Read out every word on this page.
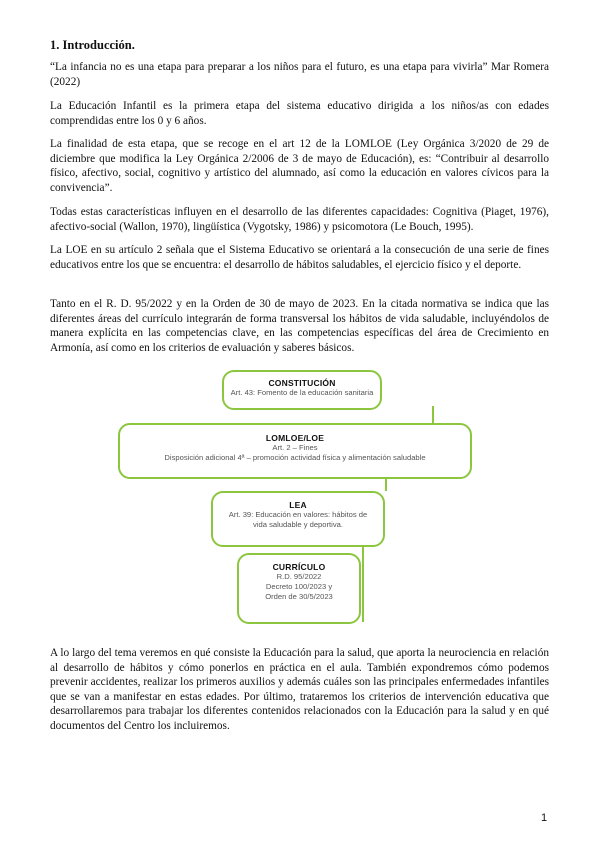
1. Introducción.

“La infancia no es una etapa para preparar a los niños para el futuro, es una etapa para vivirla” Mar Romera (2022)

La Educación Infantil es la primera etapa del sistema educativo dirigida a los niños/as con edades comprendidas entre los 0 y 6 años.

La finalidad de esta etapa, que se recoge en el art 12 de la LOMLOE (Ley Orgánica 3/2020 de 29 de diciembre que modifica la Ley Orgánica 2/2006 de 3 de mayo de Educación), es: “Contribuir al desarrollo físico, afectivo, social, cognitivo y artístico del alumnado, así como la educación en valores cívicos para la convivencia”.

Todas estas características influyen en el desarrollo de las diferentes capacidades: Cognitiva (Piaget, 1976), afectivo-social (Wallon, 1970), lingüística (Vygotsky, 1986) y psicomotora (Le Bouch, 1995).

La LOE en su artículo 2 señala que el Sistema Educativo se orientará a la consecución de una serie de fines educativos entre los que se encuentra: el desarrollo de hábitos saludables, el ejercicio físico y el deporte.

Tanto en el R. D. 95/2022 y en la Orden de 30 de mayo de 2023. En la citada normativa se indica que las diferentes áreas del currículo integrarán de forma transversal los hábitos de vida saludable, incluyéndolos de manera explícita en las competencias clave, en las competencias específicas del área de Crecimiento en Armonía, así como en los criterios de evaluación y saberes básicos.

CONSTITUCIÓN
Art. 43: Fomento de la educación sanitaria
LOMLOE/LOE
Art. 2 – Fines
Disposición adicional 4ª – promoción actividad física y alimentación saludable
LEA
Art. 39: Educación en valores: hábitos de
vida saludable y deportiva.
CURRÍCULO
R.D. 95/2022
Decreto 100/2023 y
Orden de 30/5/2023

A lo largo del tema veremos en qué consiste la Educación para la salud, que aporta la neurociencia en relación al desarrollo de hábitos y cómo ponerlos en práctica en el aula. También expondremos cómo podemos prevenir accidentes, realizar los primeros auxilios y además cuáles son las principales enfermedades infantiles que se van a manifestar en estas edades. Por último, trataremos los criterios de intervención educativa que desarrollaremos para trabajar los diferentes contenidos relacionados con la Educación para la salud y en qué documentos del Centro los incluiremos.

1
